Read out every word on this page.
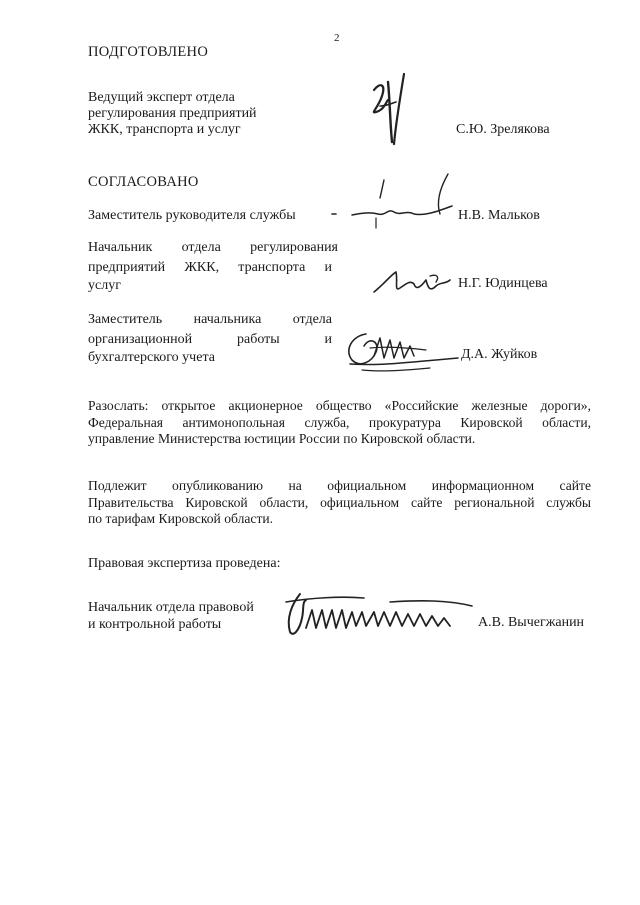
2
ПОДГОТОВЛЕНО
Ведущий эксперт отдела
регулирования предприятий
ЖКК, транспорта и услуг	С.Ю. Зрелякова
СОГЛАСОВАНО
Заместитель руководителя службы	Н.В. Мальков
Начальник отдела регулирования
предприятий ЖКК, транспорта и
услуг	Н.Г. Юдинцева
Заместитель начальника отдела
организационной работы и
бухгалтерского учета	Д.А. Жуйков
Разослать: открытое акционерное общество «Российские железные дороги»,
Федеральная антимонопольная служба, прокуратура Кировской области,
управление Министерства юстиции России по Кировской области.
Подлежит опубликованию на официальном информационном сайте
Правительства Кировской области, официальном сайте региональной службы
по тарифам Кировской области.
Правовая экспертиза проведена:
Начальник отдела правовой
и контрольной работы	А.В. Вычегжанин
